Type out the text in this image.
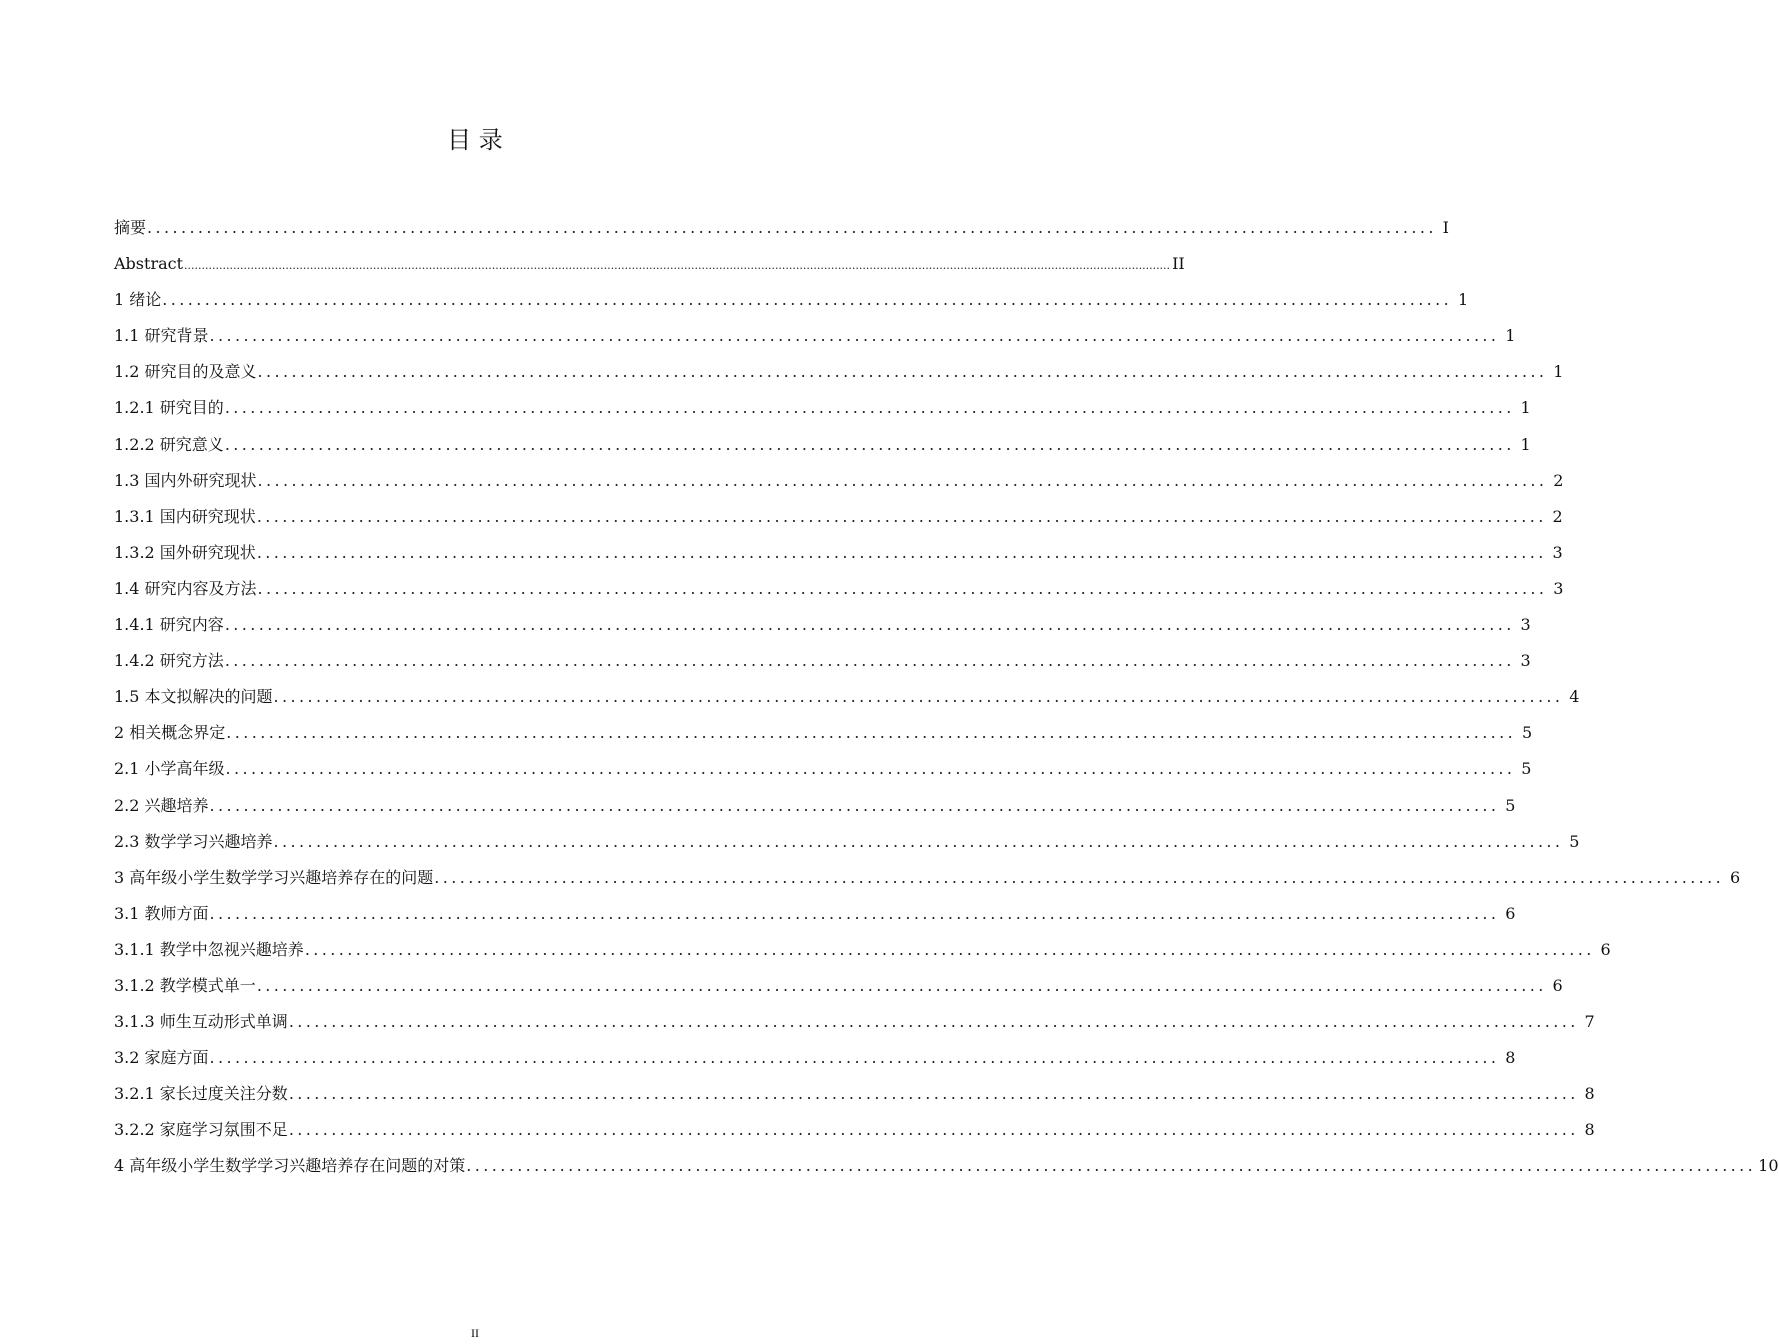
目 录
摘要 ........................................................................................................................................................ I
Abstract .......................................................................................................................................................................................................................................................................................... II
1 绪论 ........................................................................................................................................................ 1
1.1 研究背景 ........................................................................................................................................................ 1
1.2 研究目的及意义 ........................................................................................................................................................ 1
1.2.1 研究目的 ........................................................................................................................................................ 1
1.2.2 研究意义 ........................................................................................................................................................ 1
1.3 国内外研究现状 ........................................................................................................................................................ 2
1.3.1 国内研究现状 ........................................................................................................................................................ 2
1.3.2 国外研究现状 ........................................................................................................................................................ 3
1.4 研究内容及方法 ........................................................................................................................................................ 3
1.4.1 研究内容 ........................................................................................................................................................ 3
1.4.2 研究方法 ........................................................................................................................................................ 3
1.5 本文拟解决的问题 ........................................................................................................................................................ 4
2 相关概念界定 ........................................................................................................................................................ 5
2.1 小学高年级 ........................................................................................................................................................ 5
2.2 兴趣培养 ........................................................................................................................................................ 5
2.3 数学学习兴趣培养 ........................................................................................................................................................ 5
3 高年级小学生数学学习兴趣培养存在的问题 ........................................................................................................................................................ 6
3.1 教师方面 ........................................................................................................................................................ 6
3.1.1 教学中忽视兴趣培养 ........................................................................................................................................................ 6
3.1.2 教学模式单一 ........................................................................................................................................................ 6
3.1.3 师生互动形式单调 ........................................................................................................................................................ 7
3.2 家庭方面 ........................................................................................................................................................ 8
3.2.1 家长过度关注分数 ........................................................................................................................................................ 8
3.2.2 家庭学习氛围不足 ........................................................................................................................................................ 8
4 高年级小学生数学学习兴趣培养存在问题的对策 ........................................................................................................................................................ 10
II
